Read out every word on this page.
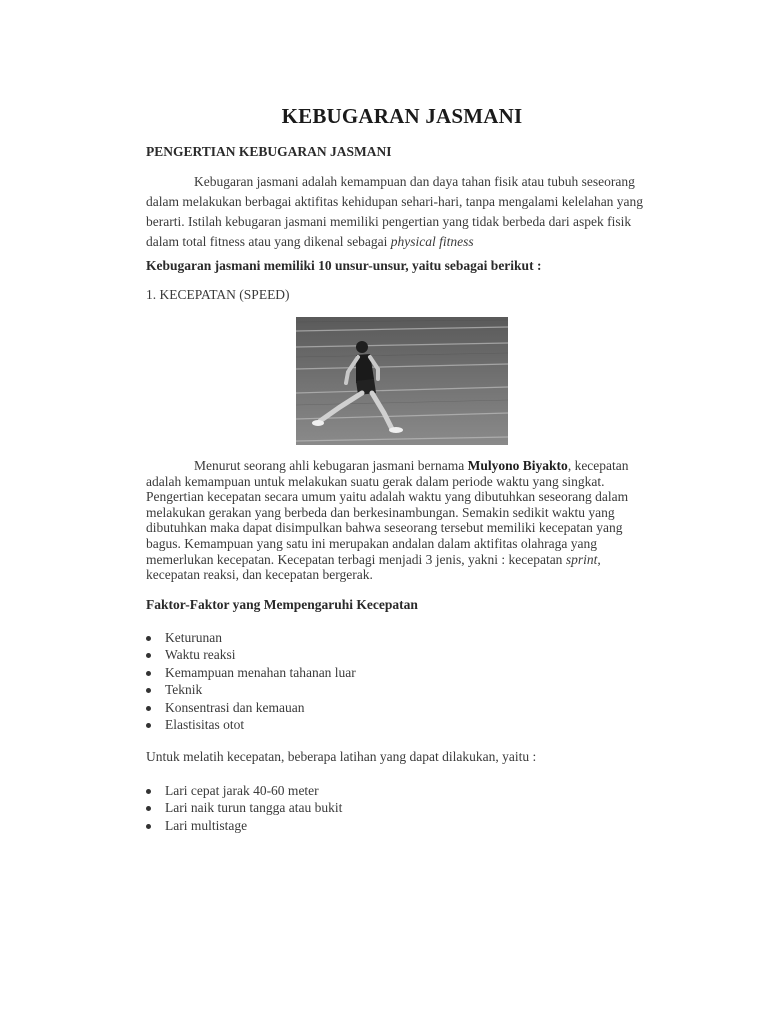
KEBUGARAN JASMANI
PENGERTIAN KEBUGARAN JASMANI
Kebugaran jasmani adalah kemampuan dan daya tahan fisik atau tubuh seseorang dalam melakukan berbagai aktifitas kehidupan sehari-hari, tanpa mengalami kelelahan yang berarti. Istilah kebugaran jasmani memiliki pengertian yang tidak berbeda dari aspek fisik dalam total fitness atau yang dikenal sebagai physical fitness
Kebugaran jasmani memiliki 10 unsur-unsur, yaitu sebagai berikut :
1. KECEPATAN (SPEED)
Menurut seorang ahli kebugaran jasmani bernama Mulyono Biyakto, kecepatan adalah kemampuan untuk melakukan suatu gerak dalam periode waktu yang singkat. Pengertian kecepatan secara umum yaitu adalah waktu yang dibutuhkan seseorang dalam melakukan gerakan yang berbeda dan berkesinambungan. Semakin sedikit waktu yang dibutuhkan maka dapat disimpulkan bahwa seseorang tersebut memiliki kecepatan yang bagus. Kemampuan yang satu ini merupakan andalan dalam aktifitas olahraga yang memerlukan kecepatan. Kecepatan terbagi menjadi 3 jenis, yakni : kecepatan sprint, kecepatan reaksi, dan kecepatan bergerak.
Faktor-Faktor yang Mempengaruhi Kecepatan
Keturunan
Waktu reaksi
Kemampuan menahan tahanan luar
Teknik
Konsentrasi dan kemauan
Elastisitas otot
Untuk melatih kecepatan, beberapa latihan yang dapat dilakukan, yaitu :
Lari cepat jarak 40-60 meter
Lari naik turun tangga atau bukit
Lari multistage
